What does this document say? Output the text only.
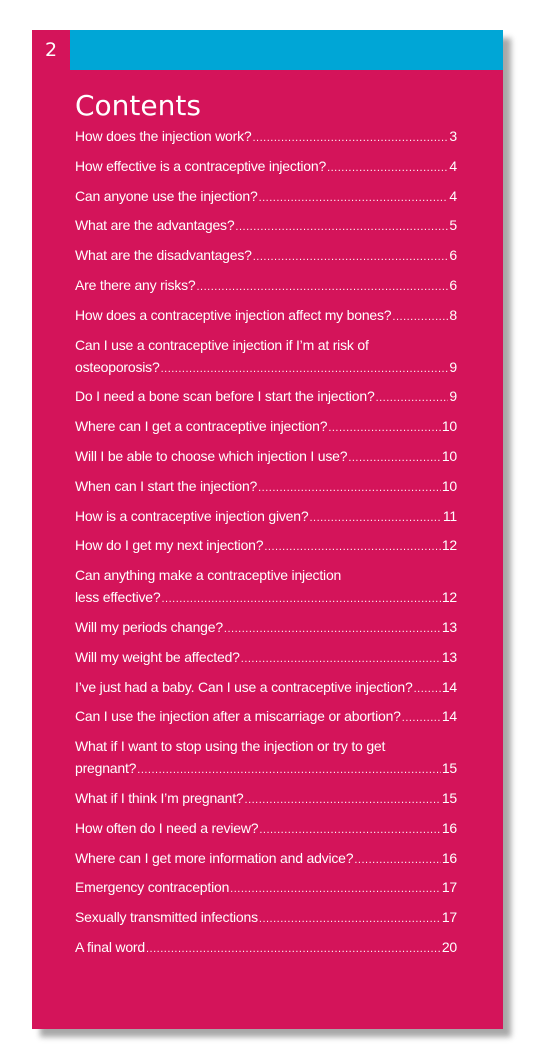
2
Contents
How does the injection work? .....	3
How effective is a contraceptive injection? .....	4
Can anyone use the injection? .....	4
What are the advantages? .....	5
What are the disadvantages? .....	6
Are there any risks? .....	6
How does a contraceptive injection affect my bones? .....	8
Can I use a contraceptive injection if I’m at risk of
osteoporosis? .....	9
Do I need a bone scan before I start the injection? .....	9
Where can I get a contraceptive injection? .....	10
Will I be able to choose which injection I use? .....	10
When can I start the injection? .....	10
How is a contraceptive injection given? .....	11
How do I get my next injection? .....	12
Can anything make a contraceptive injection
less effective? .....	12
Will my periods change? .....	13
Will my weight be affected? .....	13
I’ve just had a baby. Can I use a contraceptive injection? ..... 14
Can I use the injection after a miscarriage or abortion? .....	14
What if I want to stop using the injection or try to get
pregnant? .....	15
What if I think I’m pregnant? .....	15
How often do I need a review? .....	16
Where can I get more information and advice? .....	16
Emergency contraception .....	17
Sexually transmitted infections .....	17
A final word .....	20
